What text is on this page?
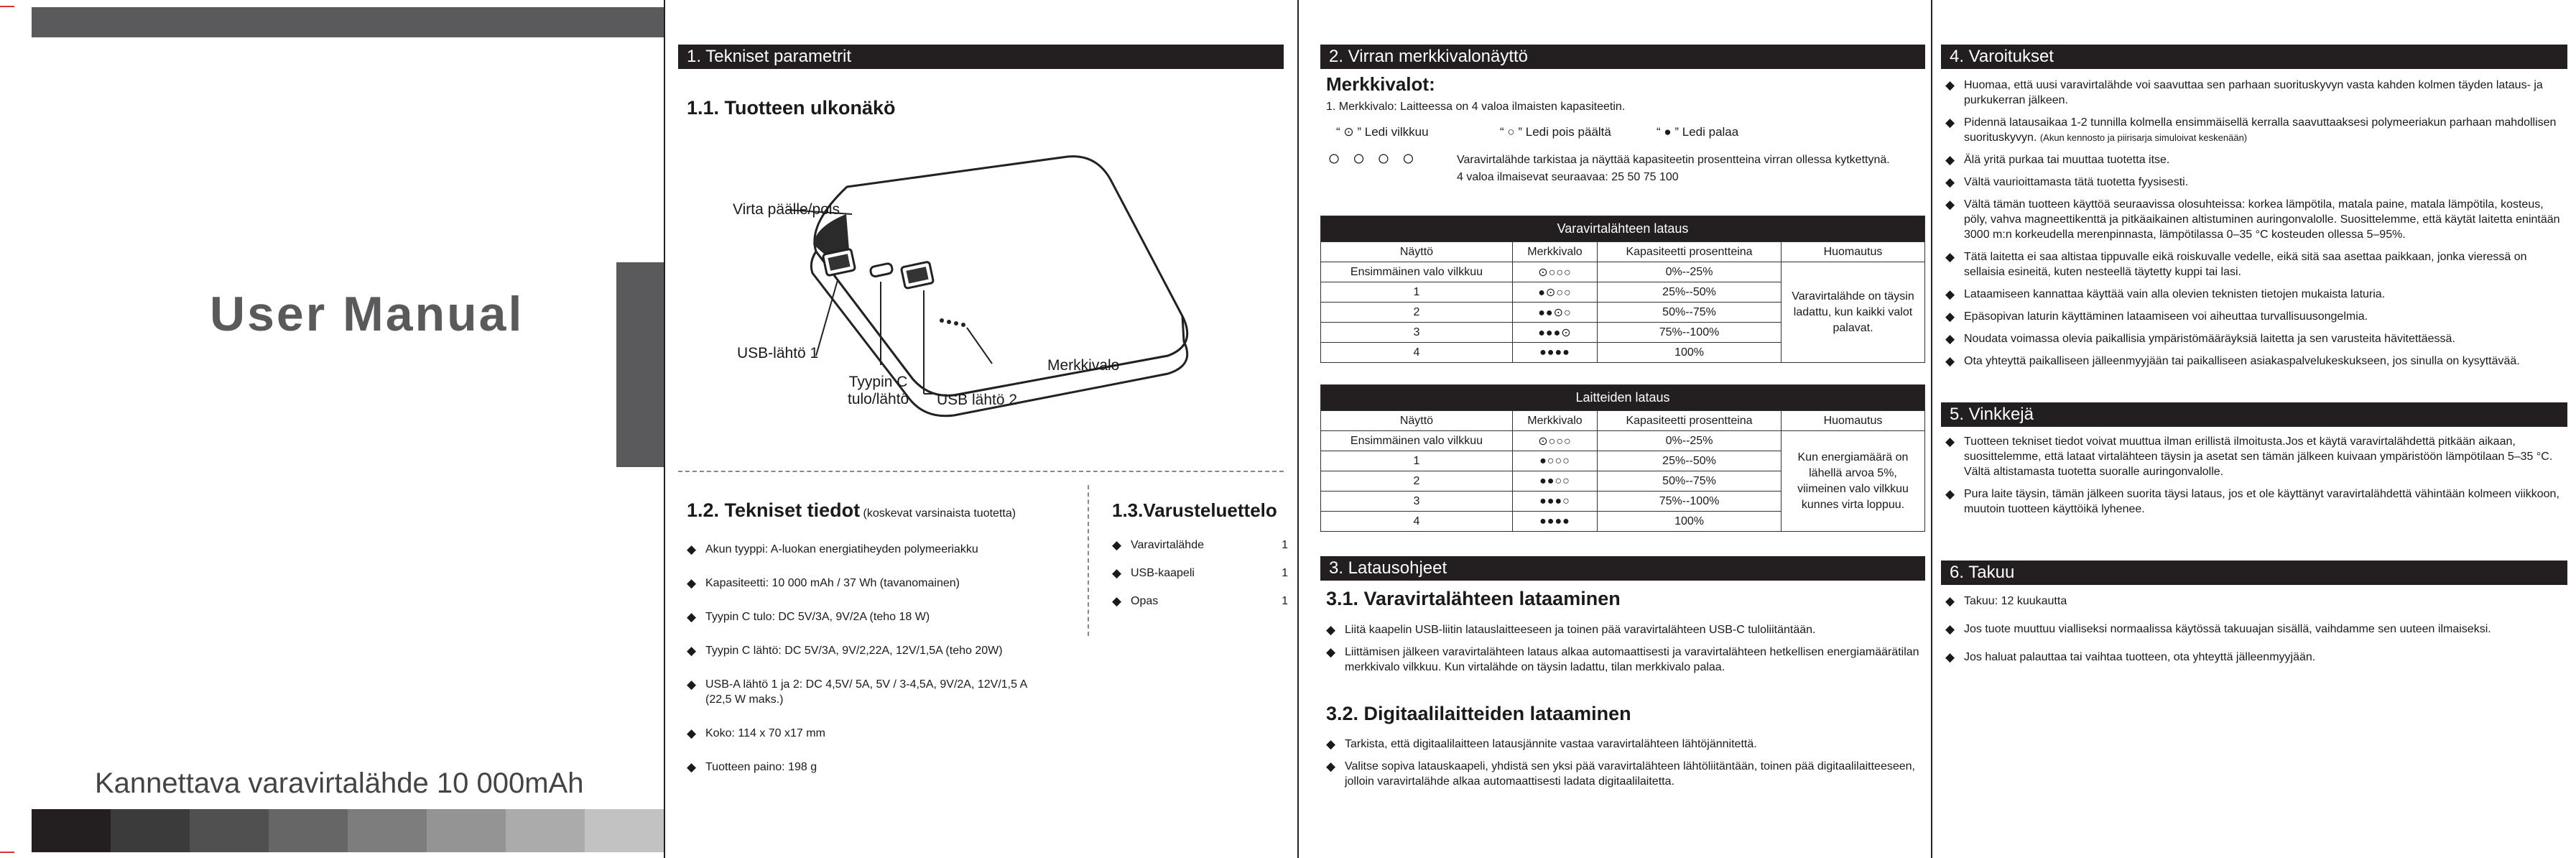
User Manual
Kannettava varavirtalähde 10 000mAh
1. Tekniset parametrit
1.1. Tuotteen ulkonäkö
Virta päälle/pois
USB-lähtö 1
Tyypin C
tulo/lähtö USB lähtö 2
Merkkivalo
1.2. Tekniset tiedot (koskevat varsinaista tuotetta)
◆ Akun tyyppi: A-luokan energiatiheyden polymeeriakku
◆ Kapasiteetti: 10 000 mAh / 37 Wh (tavanomainen)
◆ Tyypin C tulo: DC 5V/3A, 9V/2A (teho 18 W)
◆ Tyypin C lähtö: DC 5V/3A, 9V/2,22A, 12V/1,5A (teho 20W)
◆ USB-A lähtö 1 ja 2: DC 4,5V/ 5A, 5V / 3-4,5A, 9V/2A, 12V/1,5 A (22,5 W maks.)
◆ Koko: 114 x 70 x17 mm
◆ Tuotteen paino: 198 g
1.3.Varusteluettelo
◆ Varavirtalähde	1
◆ USB-kaapeli	1
◆ Opas	1
2. Virran merkkivalonäyttö
Merkkivalot:
1. Merkkivalo: Laitteessa on 4 valoa ilmaisten kapasiteetin.
“ ⊙ ” Ledi vilkkuu	“ ○ ” Ledi pois päältä	“ ● ” Ledi palaa
○ ○ ○ ○	Varavirtalähde tarkistaa ja näyttää kapasiteetin prosentteina virran ollessa kytkettynä.
4 valoa ilmaisevat seuraavaa: 25 50 75 100
Varavirtalähteen lataus			
Näyttö	Merkkivalo	Kapasiteetti prosentteina	Huomautus
Ensimmäinen valo vilkkuu	⊙○○○	0%--25%	Varavirtalähde on täysin ladattu, kun kaikki valot palavat.
1	●⊙○○	25%--50%	
2	●●⊙○	50%--75%	
3	●●●⊙	75%--100%	
4	●●●●	100%	
Laitteiden lataus			
Näyttö	Merkkivalo	Kapasiteetti prosentteina	Huomautus
Ensimmäinen valo vilkkuu	⊙○○○	0%--25%	Kun energiamäärä on lähellä arvoa 5%, viimeinen valo vilkkuu kunnes virta loppuu.
1	●○○○	25%--50%	
2	●●○○	50%--75%	
3	●●●○	75%--100%	
4	●●●●	100%	
3. Latausohjeet
3.1. Varavirtalähteen lataaminen
◆ Liitä kaapelin USB-liitin latauslaitteeseen ja toinen pää varavirtalähteen USB-C tuloliitäntään.
◆ Liittämisen jälkeen varavirtalähteen lataus alkaa automaattisesti ja varavirtalähteen hetkellisen energiamäärätilan merkkivalo vilkkuu. Kun virtalähde on täysin ladattu, tilan merkkivalo palaa.
3.2. Digitaalilaitteiden lataaminen
◆ Tarkista, että digitaalilaitteen latausjännite vastaa varavirtalähteen lähtöjännitettä.
◆ Valitse sopiva latauskaapeli, yhdistä sen yksi pää varavirtalähteen lähtöliitäntään, toinen pää digitaalilaitteeseen, jolloin varavirtalähde alkaa automaattisesti ladata digitaalilaitetta.
4. Varoitukset
◆ Huomaa, että uusi varavirtalähde voi saavuttaa sen parhaan suorituskyvyn vasta kahden kolmen täyden lataus- ja purkukerran jälkeen.
◆ Pidennä latausaikaa 1-2 tunnilla kolmella ensimmäisellä kerralla saavuttaaksesi polymeeriakun parhaan mahdollisen suorituskyvyn. (Akun kennosto ja piirisarja simuloivat keskenään)
◆ Älä yritä purkaa tai muuttaa tuotetta itse.
◆ Vältä vaurioittamasta tätä tuotetta fyysisesti.
◆ Vältä tämän tuotteen käyttöä seuraavissa olosuhteissa: korkea lämpötila, matala paine, matala lämpötila, kosteus, pöly, vahva magneettikenttä ja pitkäaikainen altistuminen auringonvalolle. Suosittelemme, että käytät laitetta enintään 3000 m:n korkeudella merenpinnasta, lämpötilassa 0–35 °C kosteuden ollessa 5–95%.
◆ Tätä laitetta ei saa altistaa tippuvalle eikä roiskuvalle vedelle, eikä sitä saa asettaa paikkaan, jonka vieressä on sellaisia esineitä, kuten nesteellä täytetty kuppi tai lasi.
◆ Lataamiseen kannattaa käyttää vain alla olevien teknisten tietojen mukaista laturia.
◆ Epäsopivan laturin käyttäminen lataamiseen voi aiheuttaa turvallisuusongelmia.
◆ Noudata voimassa olevia paikallisia ympäristömääräyksiä laitetta ja sen varusteita hävitettäessä.
◆ Ota yhteyttä paikalliseen jälleenmyyjään tai paikalliseen asiakaspalvelukeskukseen, jos sinulla on kysyttävää.
5. Vinkkejä
◆ Tuotteen tekniset tiedot voivat muuttua ilman erillistä ilmoitusta.Jos et käytä varavirtalähdettä pitkään aikaan, suosittelemme, että lataat virtalähteen täysin ja asetat sen tämän jälkeen kuivaan ympäristöön lämpötilaan 5–35 °C. Vältä altistamasta tuotetta suoralle auringonvalolle.
◆ Pura laite täysin, tämän jälkeen suorita täysi lataus, jos et ole käyttänyt varavirtalähdettä vähintään kolmeen viikkoon, muutoin tuotteen käyttöikä lyhenee.
6. Takuu
◆ Takuu: 12 kuukautta
◆ Jos tuote muuttuu vialliseksi normaalissa käytössä takuuajan sisällä, vaihdamme sen uuteen ilmaiseksi.
◆ Jos haluat palauttaa tai vaihtaa tuotteen, ota yhteyttä jälleenmyyjään.
